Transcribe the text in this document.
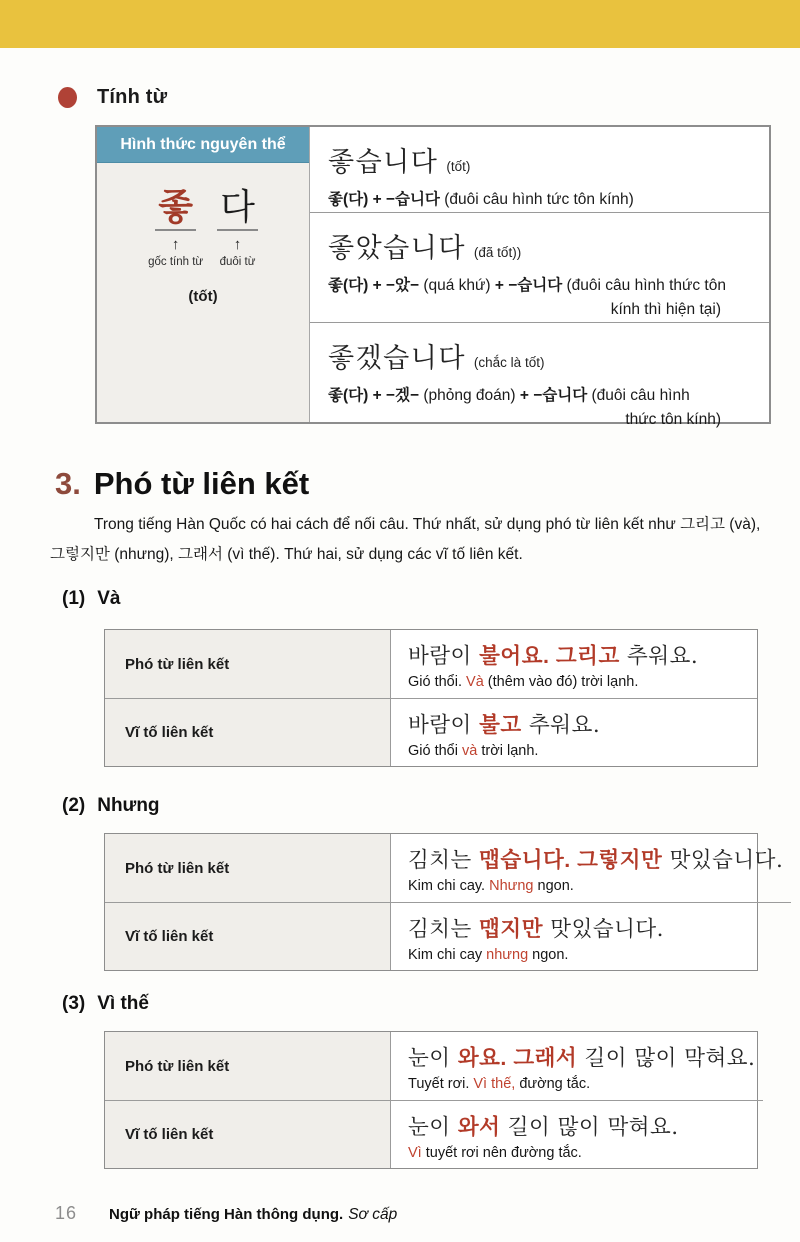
Tính từ
Hình thức nguyên thể
좋
↑
gốc tính từ
다
↑
đuôi từ
(tốt)
좋습니다 (tốt)
좋(다) + −습니다 (đuôi câu hình tức tôn kính)
좋았습니다 (đã tốt))
좋(다) + −았− (quá khứ) + −습니다 (đuôi câu hình thức tôn
kính thì hiện tại)
좋겠습니다 (chắc là tốt)
좋(다) + −겠− (phỏng đoán) + −습니다 (đuôi câu hình
thức tôn kính)
3. Phó từ liên kết
Trong tiếng Hàn Quốc có hai cách để nối câu. Thứ nhất, sử dụng phó từ liên kết như 그리고 (và),
그렇지만 (nhưng), 그래서 (vì thế). Thứ hai, sử dụng các vĩ tố liên kết.
(1) Và
Phó từ liên kết	바람이 불어요. 그리고 추워요.
Gió thổi. Và (thêm vào đó) trời lạnh.
Vĩ tố liên kết	바람이 불고 추워요.
Gió thổi và trời lạnh.
(2) Nhưng
Phó từ liên kết	김치는 맵습니다. 그렇지만 맛있습니다.
Kim chi cay. Nhưng ngon.
Vĩ tố liên kết	김치는 맵지만 맛있습니다.
Kim chi cay nhưng ngon.
(3) Vì thế
Phó từ liên kết	눈이 와요. 그래서 길이 많이 막혀요.
Tuyết rơi. Vì thế, đường tắc.
Vĩ tố liên kết	눈이 와서 길이 많이 막혀요.
Vì tuyết rơi nên đường tắc.
16 Ngữ pháp tiếng Hàn thông dụng. Sơ cấp
